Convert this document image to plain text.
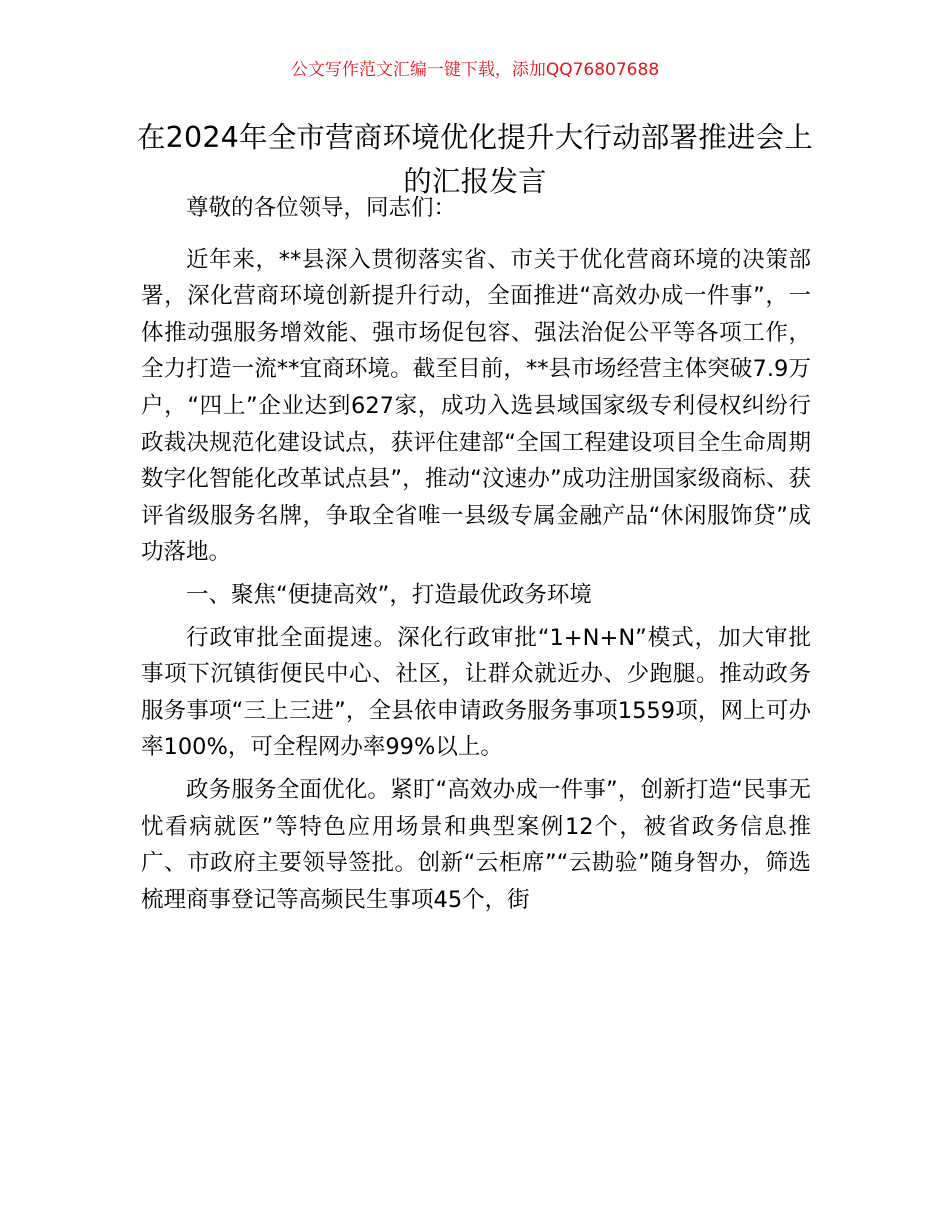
公文写作范文汇编一键下载，添加QQ76807688
在2024年全市营商环境优化提升大行动部署推进会上的汇报发言

尊敬的各位领导，同志们：

近年来，**县深入贯彻落实省、市关于优化营商环境的决策部署，深化营商环境创新提升行动，全面推进“高效办成一件事”，一体推动强服务增效能、强市场促包容、强法治促公平等各项工作，全力打造一流**宜商环境。截至目前，**县市场经营主体突破7.9万户，“四上”企业达到627家，成功入选县域国家级专利侵权纠纷行政裁决规范化建设试点，获评住建部“全国工程建设项目全生命周期数字化智能化改革试点县”，推动“汶速办”成功注册国家级商标、获评省级服务名牌，争取全省唯一县级专属金融产品“休闲服饰贷”成功落地。

一、聚焦“便捷高效”，打造最优政务环境

行政审批全面提速。深化行政审批“1+N+N”模式，加大审批事项下沉镇街便民中心、社区，让群众就近办、少跑腿。推动政务服务事项“三上三进”，全县依申请政务服务事项1559项，网上可办率100%，可全程网办率99%以上。

政务服务全面优化。紧盯“高效办成一件事”，创新打造“民事无忧看病就医”等特色应用场景和典型案例12个，被省政务信息推广、市政府主要领导签批。创新“云柜席”“云勘验”随身智办，筛选梳理商事登记等高频民生事项45个，街
